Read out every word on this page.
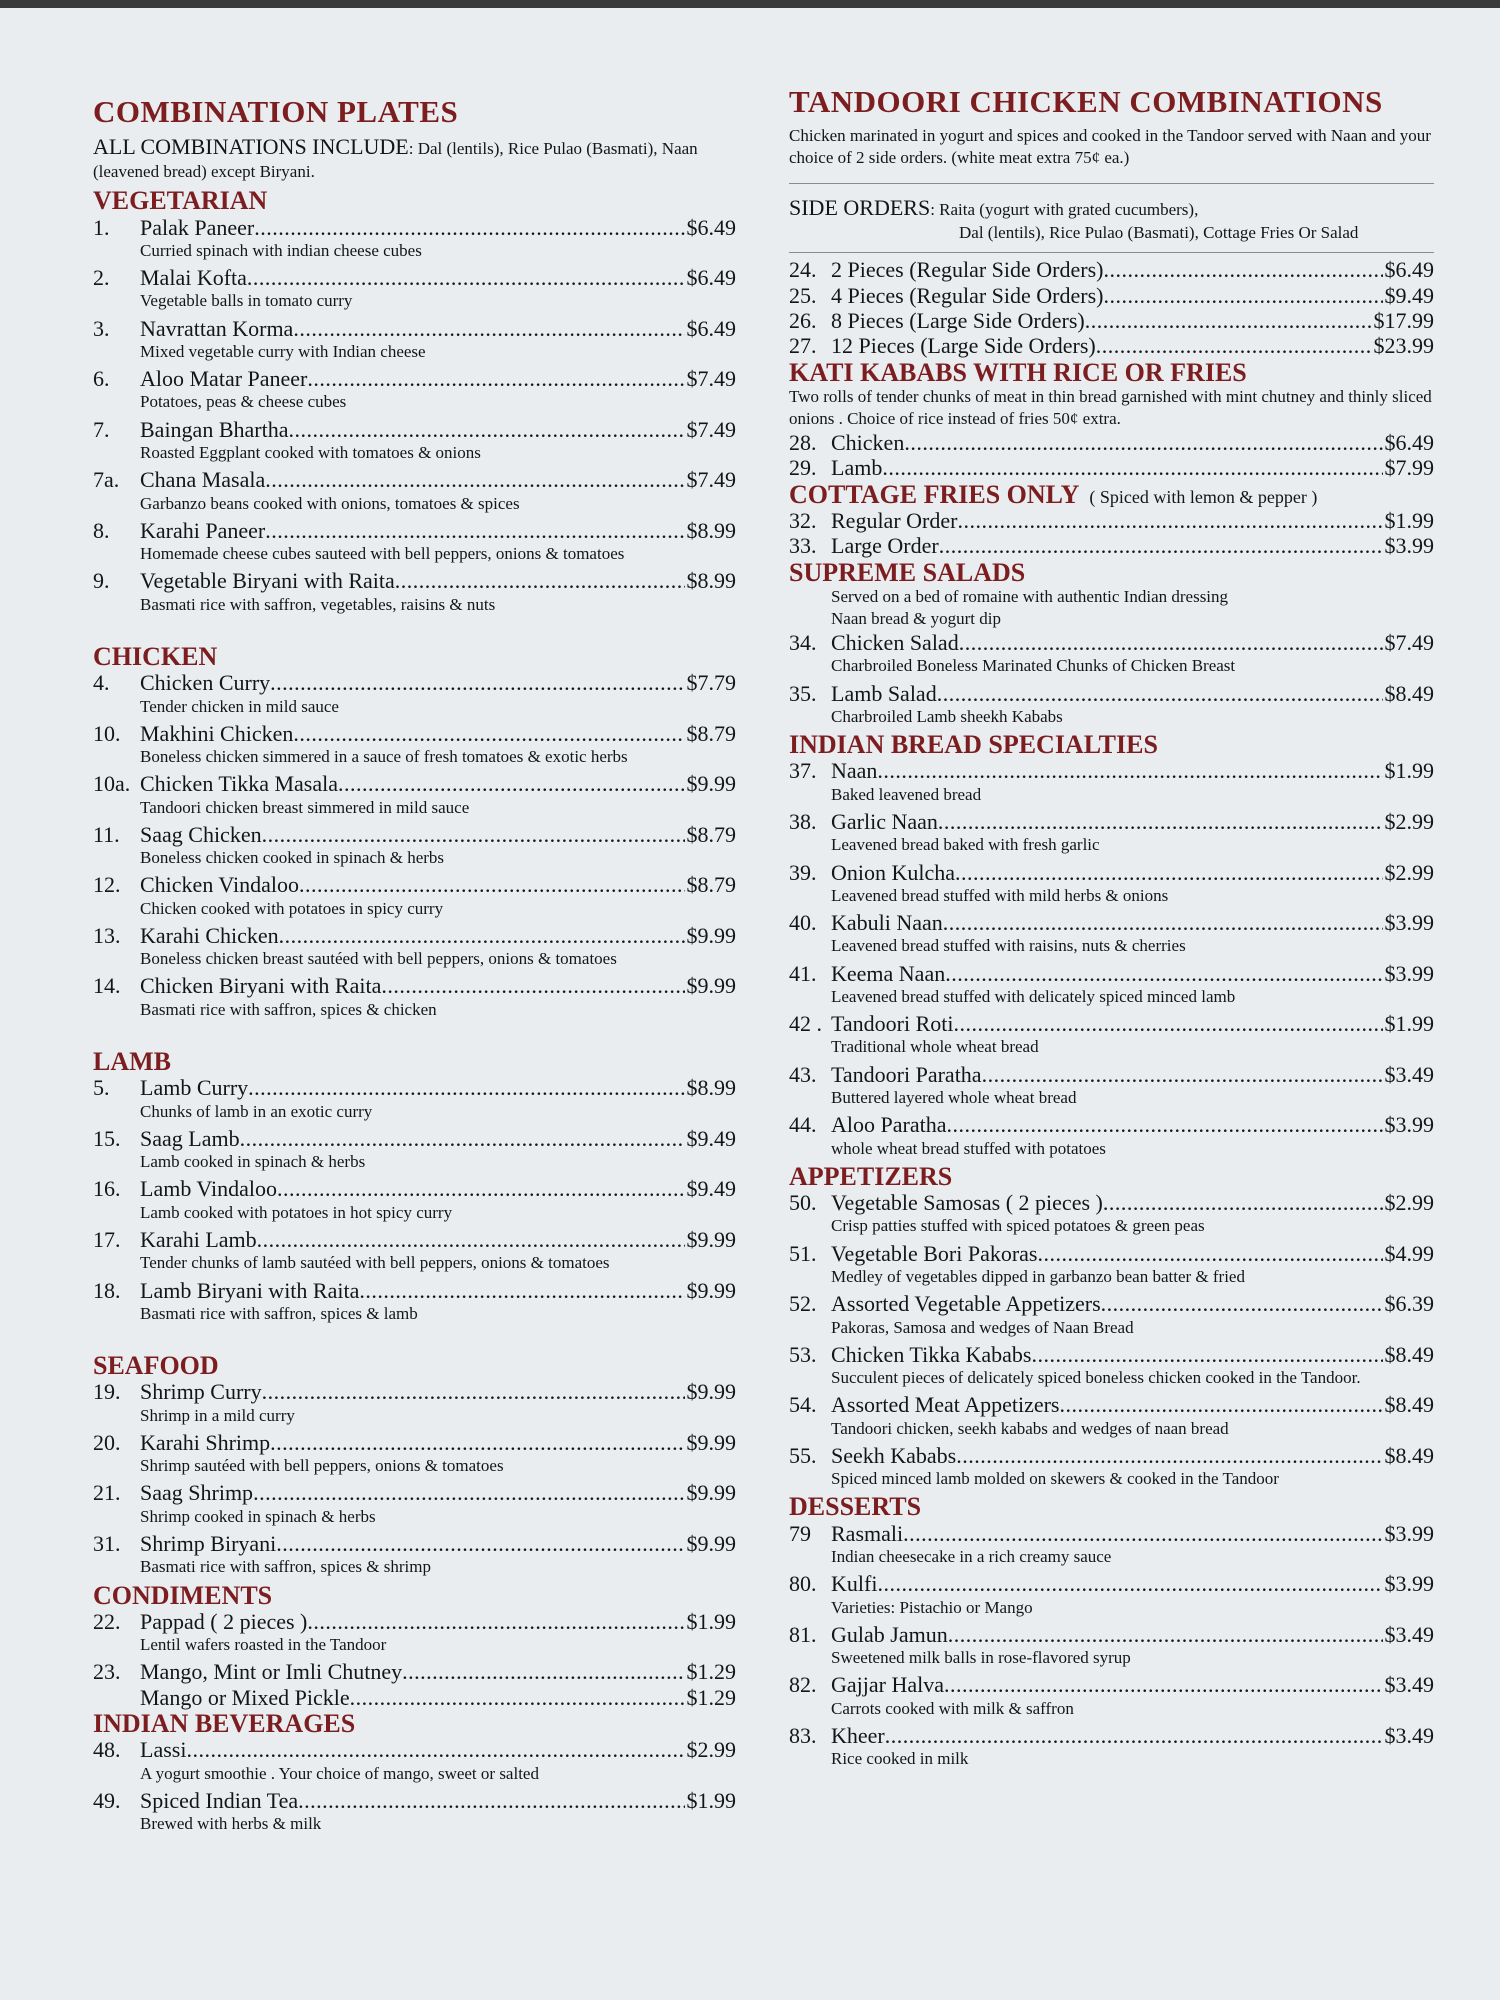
COMBINATION PLATES
ALL COMBINATIONS INCLUDE: Dal (lentils), Rice Pulao (Basmati), Naan (leavened bread) except Biryani.
VEGETARIAN
1.	Palak Paneer .....	$6.49
Curried spinach with indian cheese cubes
2.	Malai Kofta .....	$6.49
Vegetable balls in tomato curry
3.	Navrattan Korma .....	$6.49
Mixed vegetable curry with Indian cheese
6.	Aloo Matar Paneer .....	$7.49
Potatoes, peas & cheese cubes
7.	Baingan Bhartha .....	$7.49
Roasted Eggplant cooked with tomatoes & onions
7a. Chana Masala .....	$7.49
Garbanzo beans cooked with onions, tomatoes & spices
8.	Karahi Paneer .....	$8.99
Homemade cheese cubes sauteed with bell peppers, onions & tomatoes
9.	Vegetable Biryani with Raita .....	$8.99
Basmati rice with saffron, vegetables, raisins & nuts
CHICKEN
4.	Chicken Curry .....	$7.79
Tender chicken in mild sauce
10. Makhini Chicken .....	$8.79
Boneless chicken simmered in a sauce of fresh tomatoes & exotic herbs
10a. Chicken Tikka Masala .....	$9.99
Tandoori chicken breast simmered in mild sauce
11. Saag Chicken .....	$8.79
Boneless chicken cooked in spinach & herbs
12. Chicken Vindaloo .....	$8.79
Chicken cooked with potatoes in spicy curry
13. Karahi Chicken .....	$9.99
Boneless chicken breast sautéed with bell peppers, onions & tomatoes
14. Chicken Biryani with Raita .....	$9.99
Basmati rice with saffron, spices & chicken
LAMB
5.	Lamb Curry .....	$8.99
Chunks of lamb in an exotic curry
15. Saag Lamb .....	$9.49
Lamb cooked in spinach & herbs
16. Lamb Vindaloo .....	$9.49
Lamb cooked with potatoes in hot spicy curry
17. Karahi Lamb .....	$9.99
Tender chunks of lamb sautéed with bell peppers, onions & tomatoes
18. Lamb Biryani with Raita .....	$9.99
Basmati rice with saffron, spices & lamb
SEAFOOD
19. Shrimp Curry .....	$9.99
Shrimp in a mild curry
20. Karahi Shrimp .....	$9.99
Shrimp sautéed with bell peppers, onions & tomatoes
21. Saag Shrimp .....	$9.99
Shrimp cooked in spinach & herbs
31. Shrimp Biryani .....	$9.99
Basmati rice with saffron, spices & shrimp
CONDIMENTS
22. Pappad ( 2 pieces ) .....	$1.99
Lentil wafers roasted in the Tandoor
23. Mango, Mint or Imli Chutney .....	$1.29
Mango or Mixed Pickle .....	$1.29
INDIAN BEVERAGES
48. Lassi .....	$2.99
A yogurt smoothie . Your choice of mango, sweet or salted
49. Spiced Indian Tea .....	$1.99
Brewed with herbs & milk
TANDOORI CHICKEN COMBINATIONS
Chicken marinated in yogurt and spices and cooked in the Tandoor served with Naan and your choice of 2 side orders. (white meat extra 75¢ ea.)
SIDE ORDERS: Raita (yogurt with grated cucumbers),
Dal (lentils), Rice Pulao (Basmati), Cottage Fries Or Salad
24. 2 Pieces (Regular Side Orders) .....	$6.49
25. 4 Pieces (Regular Side Orders) .....	$9.49
26. 8 Pieces (Large Side Orders) .....	$17.99
27. 12 Pieces (Large Side Orders) .....	$23.99
KATI KABABS WITH RICE OR FRIES
Two rolls of tender chunks of meat in thin bread garnished with mint chutney and thinly sliced onions . Choice of rice instead of fries 50¢ extra.
28. Chicken .....	$6.49
29. Lamb .....	$7.99
COTTAGE FRIES ONLY ( Spiced with lemon & pepper )
32. Regular Order .....	$1.99
33. Large Order .....	$3.99
SUPREME SALADS
Served on a bed of romaine with authentic Indian dressing
Naan bread & yogurt dip
34. Chicken Salad .....	$7.49
Charbroiled Boneless Marinated Chunks of Chicken Breast
35. Lamb Salad .....	$8.49
Charbroiled Lamb sheekh Kababs
INDIAN BREAD SPECIALTIES
37. Naan .....	$1.99
Baked leavened bread
38. Garlic Naan .....	$2.99
Leavened bread baked with fresh garlic
39. Onion Kulcha .....	$2.99
Leavened bread stuffed with mild herbs & onions
40. Kabuli Naan .....	$3.99
Leavened bread stuffed with raisins, nuts & cherries
41. Keema Naan .....	$3.99
Leavened bread stuffed with delicately spiced minced lamb
42 . Tandoori Roti .....	$1.99
Traditional whole wheat bread
43. Tandoori Paratha .....	$3.49
Buttered layered whole wheat bread
44. Aloo Paratha .....	$3.99
whole wheat bread stuffed with potatoes
APPETIZERS
50. Vegetable Samosas ( 2 pieces ) .....	$2.99
Crisp patties stuffed with spiced potatoes & green peas
51. Vegetable Bori Pakoras .....	$4.99
Medley of vegetables dipped in garbanzo bean batter & fried
52. Assorted Vegetable Appetizers .....	$6.39
Pakoras, Samosa and wedges of Naan Bread
53. Chicken Tikka Kababs .....	$8.49
Succulent pieces of delicately spiced boneless chicken cooked in the Tandoor.
54. Assorted Meat Appetizers .....	$8.49
Tandoori chicken, seekh kababs and wedges of naan bread
55. Seekh Kababs .....	$8.49
Spiced minced lamb molded on skewers & cooked in the Tandoor
DESSERTS
79 Rasmali .....	$3.99
Indian cheesecake in a rich creamy sauce
80. Kulfi .....	$3.99
Varieties: Pistachio or Mango
81. Gulab Jamun .....	$3.49
Sweetened milk balls in rose-flavored syrup
82. Gajjar Halva .....	$3.49
Carrots cooked with milk & saffron
83. Kheer .....	$3.49
Rice cooked in milk
